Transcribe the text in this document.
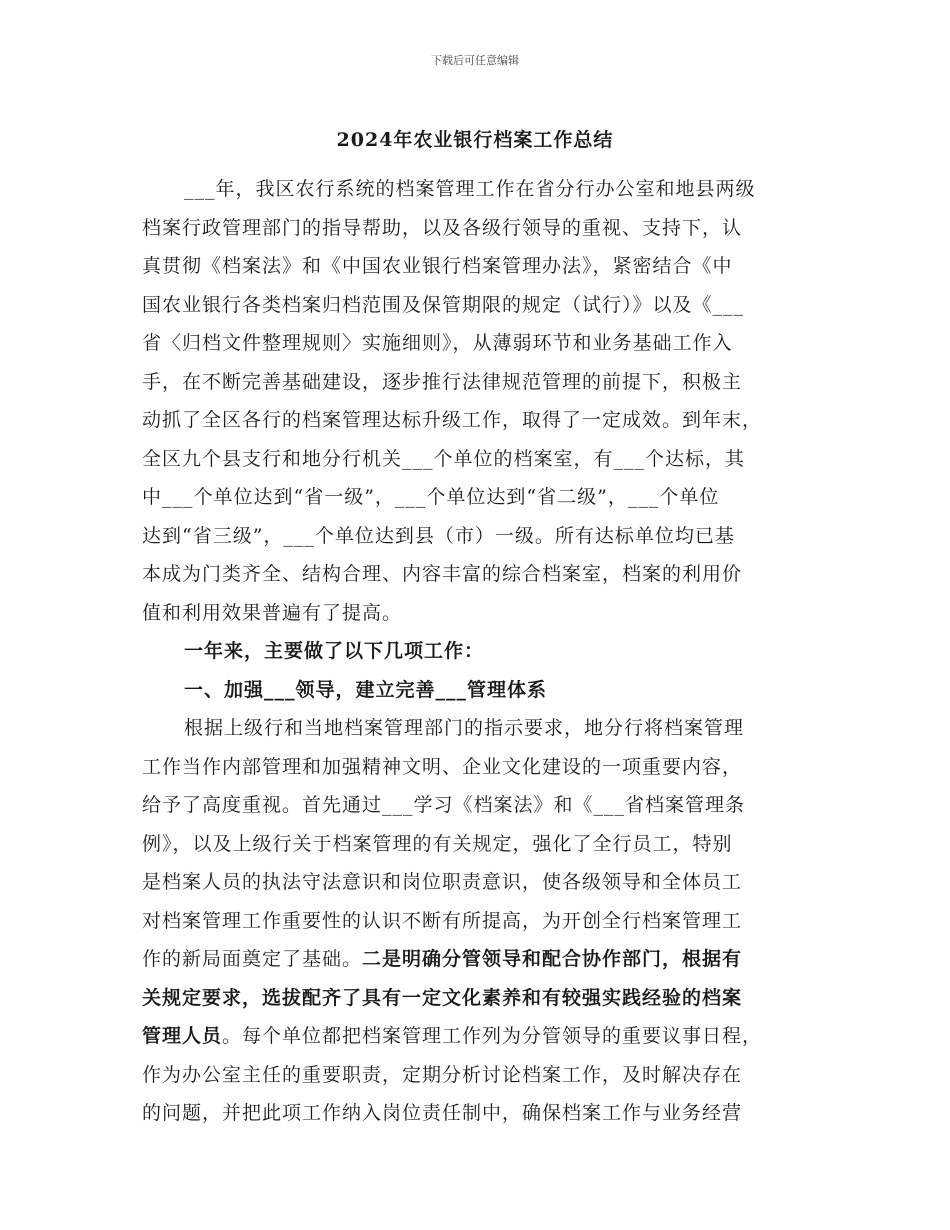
下载后可任意编辑
2024年农业银行档案工作总结
___年，我区农行系统的档案管理工作在省分行办公室和地县两级
档案行政管理部门的指导帮助，以及各级行领导的重视、支持下，认
真贯彻《档案法》和《中国农业银行档案管理办法》，紧密结合《中
国农业银行各类档案归档范围及保管期限的规定（试行）》以及《___
省〈归档文件整理规则〉实施细则》，从薄弱环节和业务基础工作入
手，在不断完善基础建设，逐步推行法律规范管理的前提下，积极主
动抓了全区各行的档案管理达标升级工作，取得了一定成效。到年末，
全区九个县支行和地分行机关___个单位的档案室，有___个达标，其
中___个单位达到“省一级”，___个单位达到“省二级”，___个单位
达到“省三级”，___个单位达到县（市）一级。所有达标单位均已基
本成为门类齐全、结构合理、内容丰富的综合档案室，档案的利用价
值和利用效果普遍有了提高。
一年来，主要做了以下几项工作：
一、加强___领导，建立完善___管理体系
根据上级行和当地档案管理部门的指示要求，地分行将档案管理
工作当作内部管理和加强精神文明、企业文化建设的一项重要内容，
给予了高度重视。首先通过___学习《档案法》和《___省档案管理条
例》，以及上级行关于档案管理的有关规定，强化了全行员工，特别
是档案人员的执法守法意识和岗位职责意识，使各级领导和全体员工
对档案管理工作重要性的认识不断有所提高，为开创全行档案管理工
作的新局面奠定了基础。二是明确分管领导和配合协作部门，根据有
关规定要求，选拔配齐了具有一定文化素养和有较强实践经验的档案
管理人员。每个单位都把档案管理工作列为分管领导的重要议事日程，
作为办公室主任的重要职责，定期分析讨论档案工作，及时解决存在
的问题，并把此项工作纳入岗位责任制中，确保档案工作与业务经营
